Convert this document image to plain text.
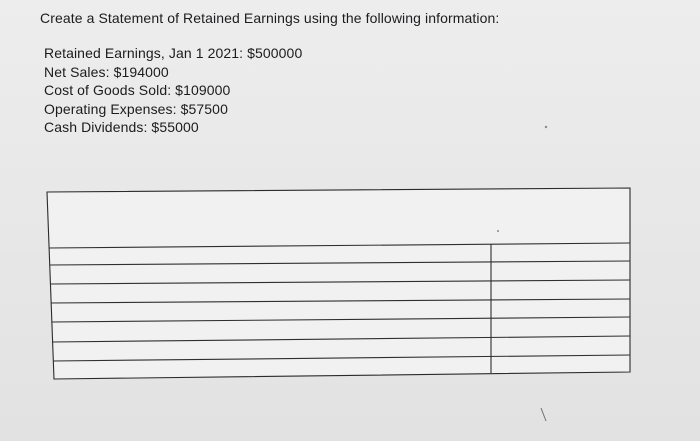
Create a Statement of Retained Earnings using the following information:
Retained Earnings, Jan 1 2021: $500000
Net Sales: $194000
Cost of Goods Sold: $109000
Operating Expenses: $57500
Cash Dividends: $55000
